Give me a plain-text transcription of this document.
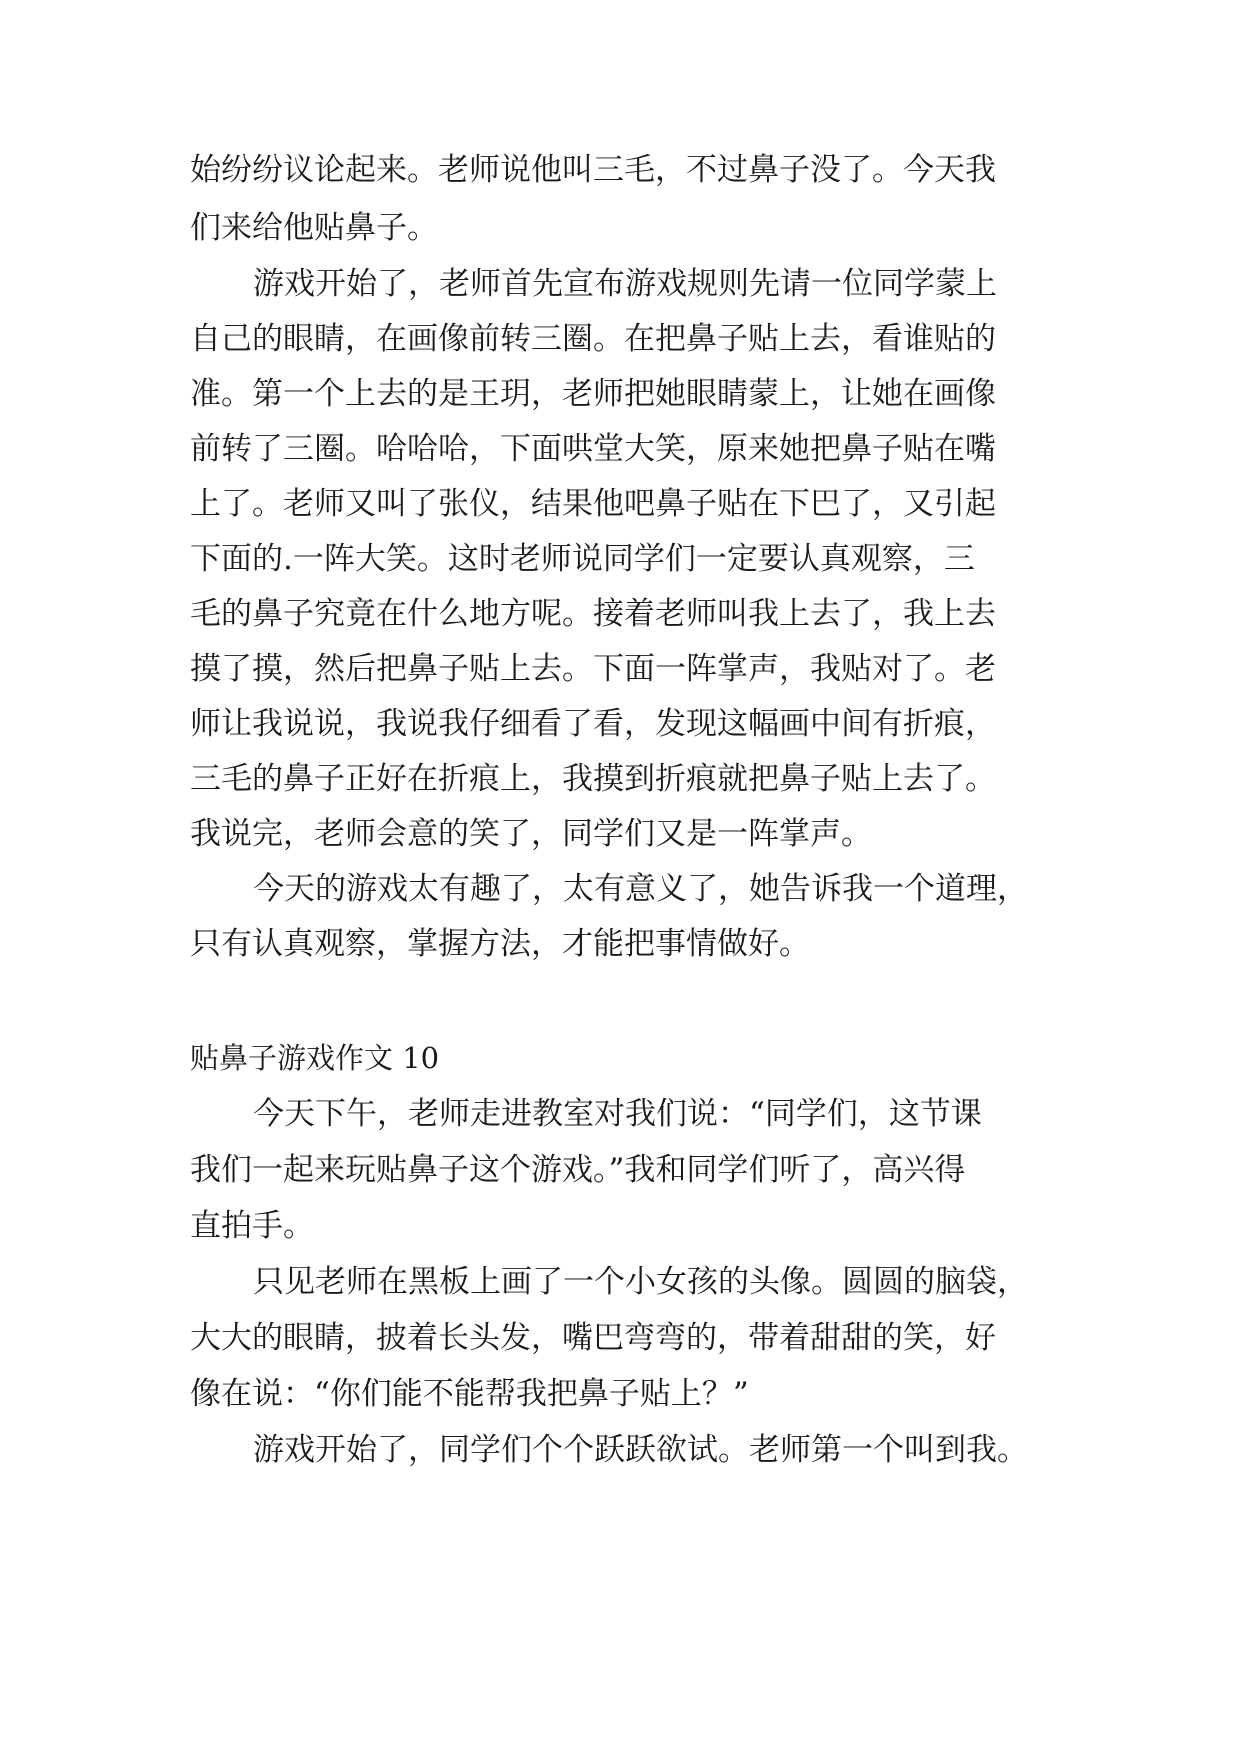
始纷纷议论起来。老师说他叫三毛，不过鼻子没了。今天我
们来给他贴鼻子。
游戏开始了，老师首先宣布游戏规则先请一位同学蒙上
自己的眼睛，在画像前转三圈。在把鼻子贴上去，看谁贴的
准。第一个上去的是王玥，老师把她眼睛蒙上，让她在画像
前转了三圈。哈哈哈，下面哄堂大笑，原来她把鼻子贴在嘴
上了。老师又叫了张仪，结果他吧鼻子贴在下巴了，又引起
下面的.一阵大笑。这时老师说同学们一定要认真观察，三
毛的鼻子究竟在什么地方呢。接着老师叫我上去了，我上去
摸了摸，然后把鼻子贴上去。下面一阵掌声，我贴对了。老
师让我说说，我说我仔细看了看，发现这幅画中间有折痕，
三毛的鼻子正好在折痕上，我摸到折痕就把鼻子贴上去了。
我说完，老师会意的笑了，同学们又是一阵掌声。
今天的游戏太有趣了，太有意义了，她告诉我一个道理，
只有认真观察，掌握方法，才能把事情做好。
贴鼻子游戏作文 10
今天下午，老师走进教室对我们说：“同学们，这节课
我们一起来玩贴鼻子这个游戏。”我和同学们听了，高兴得
直拍手。
只见老师在黑板上画了一个小女孩的头像。圆圆的脑袋，
大大的眼睛，披着长头发，嘴巴弯弯的，带着甜甜的笑，好
像在说：“你们能不能帮我把鼻子贴上？”
游戏开始了，同学们个个跃跃欲试。老师第一个叫到我。
